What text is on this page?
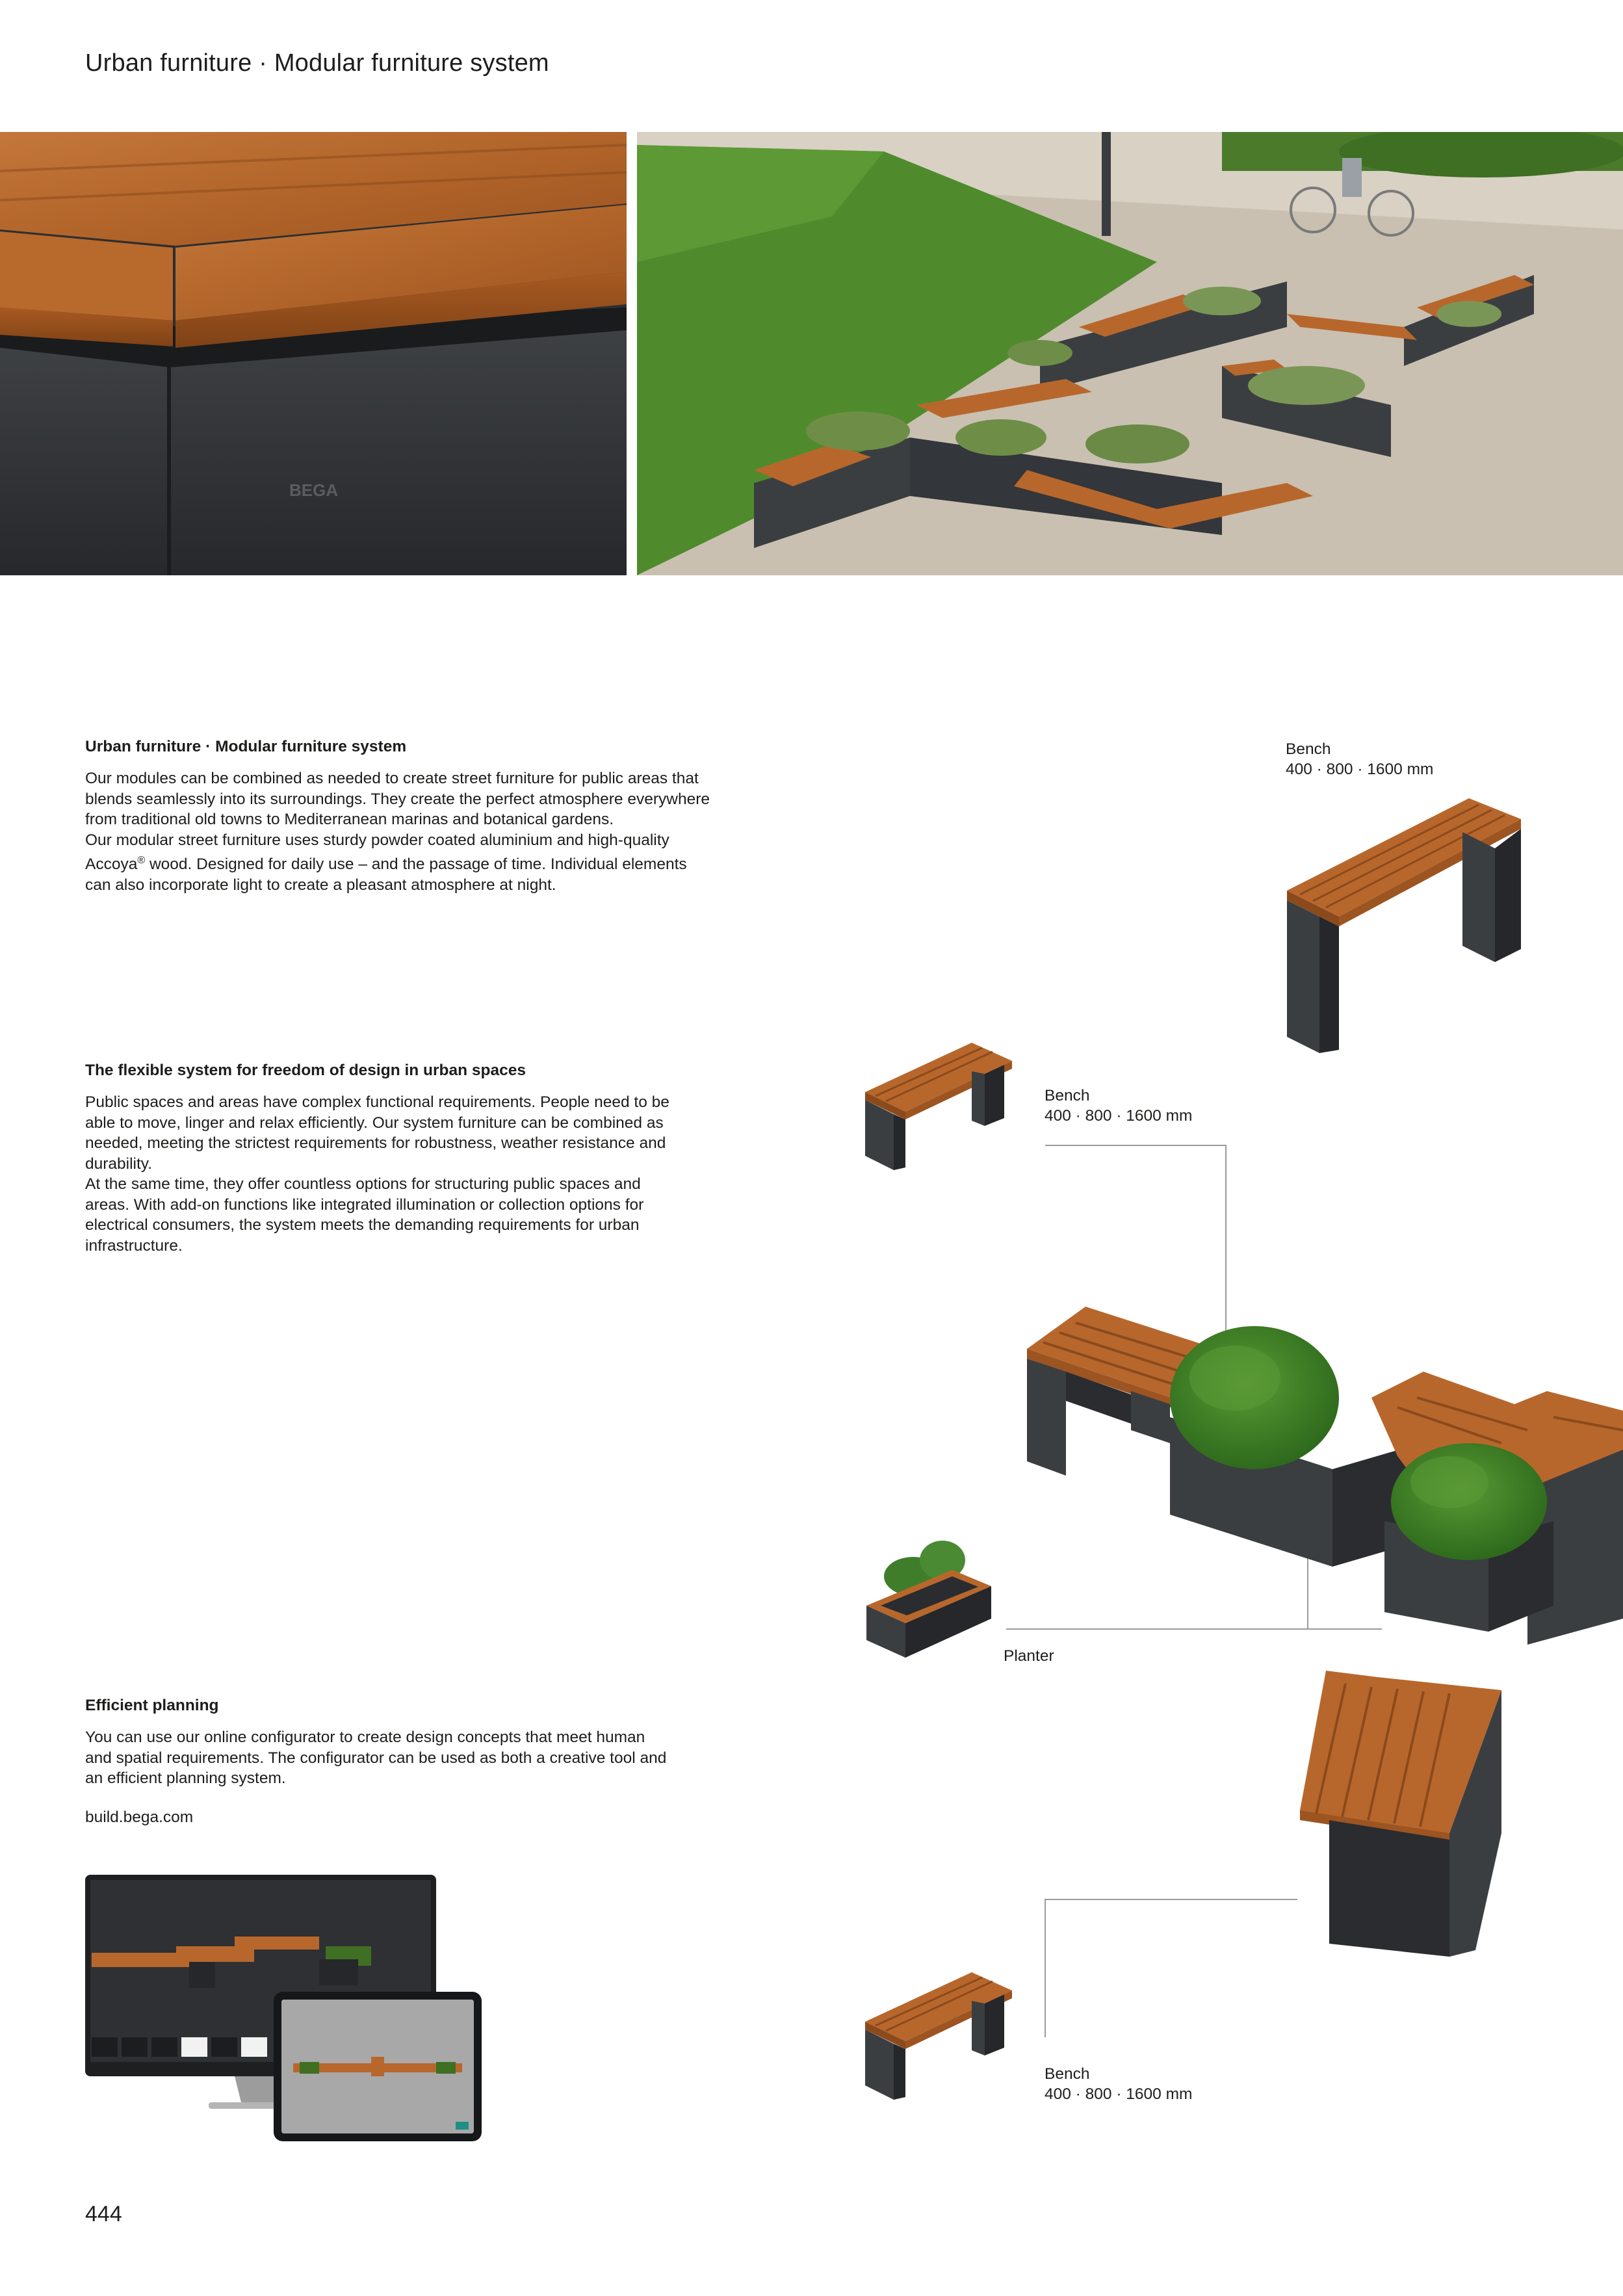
Urban furniture · Modular furniture system
BEGA
Urban furniture · Modular furniture system

Our modules can be combined as needed to create street furniture for public areas that
blends seamlessly into its surroundings. They create the perfect atmosphere everywhere
from traditional old towns to Mediterranean marinas and botanical gardens.
Our modular street furniture uses sturdy powder coated aluminium and high-quality
Accoya® wood. Designed for daily use – and the passage of time. Individual elements
can also incorporate light to create a pleasant atmosphere at night.

The flexible system for freedom of design in urban spaces

Public spaces and areas have complex functional requirements. People need to be
able to move, linger and relax efficiently. Our system furniture can be combined as
needed, meeting the strictest requirements for robustness, weather resistance and
durability.
At the same time, they offer countless options for structuring public spaces and
areas. With add-on functions like integrated illumination or collection options for
electrical consumers, the system meets the demanding requirements for urban
infrastructure.

Efficient planning

You can use our online configurator to create design concepts that meet human
and spatial requirements. The configurator can be used as both a creative tool and
an efficient planning system.

build.bega.com
Bench
400 · 800 · 1600 mm
Bench
400 · 800 · 1600 mm
Planter
Bench
400 · 800 · 1600 mm
444
